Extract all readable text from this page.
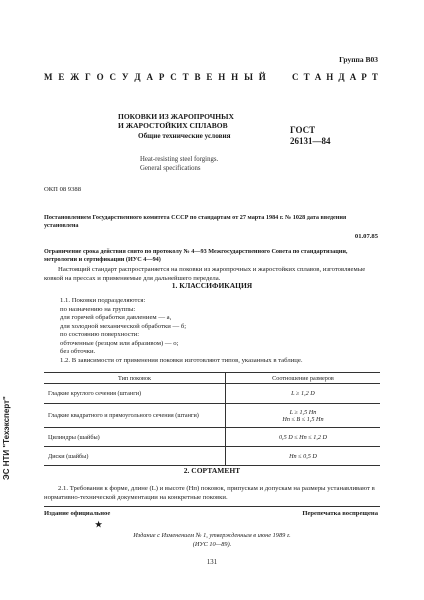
Группа В03
М Е Ж Г О С У Д А Р С Т В Е Н Н Ы Й	С Т А Н Д А Р Т
ПОКОВКИ ИЗ ЖАРОПРОЧНЫХ
И ЖАРОСТОЙКИХ СПЛАВОВ	ГОСТ
26131—84
Общие технические условия
Heat-resisting steel forgings.
General specifications
ОКП 08 9388
Постановлением Государственного комитета СССР по стандартам от 27 марта 1984 г. № 1028 дата введения установлена
01.07.85
Ограничение срока действия снято по протоколу № 4—93 Межгосударственного Совета по стандартизации, метрологии и сертификации (ИУС 4—94)
Настоящий стандарт распространяется на поковки из жаропрочных и жаростойких сплавов, изготовляемые ковкой на прессах и применяемые для дальнейшего передела.
1. КЛАССИФИКАЦИЯ
1.1. Поковки подразделяются:
по назначению на группы:
для горячей обработки давлением — а,
для холодной механической обработки — б;
по состоянию поверхности:
обточенные (резцом или абразивом) — о;
без обточки.
1.2. В зависимости от применения поковки изготовляют типов, указанных в таблице.
Тип поковок	Соотношение размеров
Гладкие круглого сечения (штанги)	L ≥ 1,2 D
Гладкие квадратного и прямоугольного сечения (штанги)	L ≥ 1,5 Hп
Hп ≤ B ≤ 1,5 Hп

Цилиндры (шайбы)	0,5 D ≤ Hп ≤ 1,2 D
Диски (шайбы)	Hп ≤ 0,5 D
2. СОРТАМЕНТ
2.1. Требования к форме, длине (L) и высоте (Hп) поковок, припускам и допускам на размеры устанавливают в нормативно-технической документации на конкретные поковки.
Издание официальное
★
Перепечатка воспрещена
Издание с Изменением № 1, утвержденным в июне 1989 г.
(ИУС 10—89).
131
ЭС НТИ "Техэксперт"
